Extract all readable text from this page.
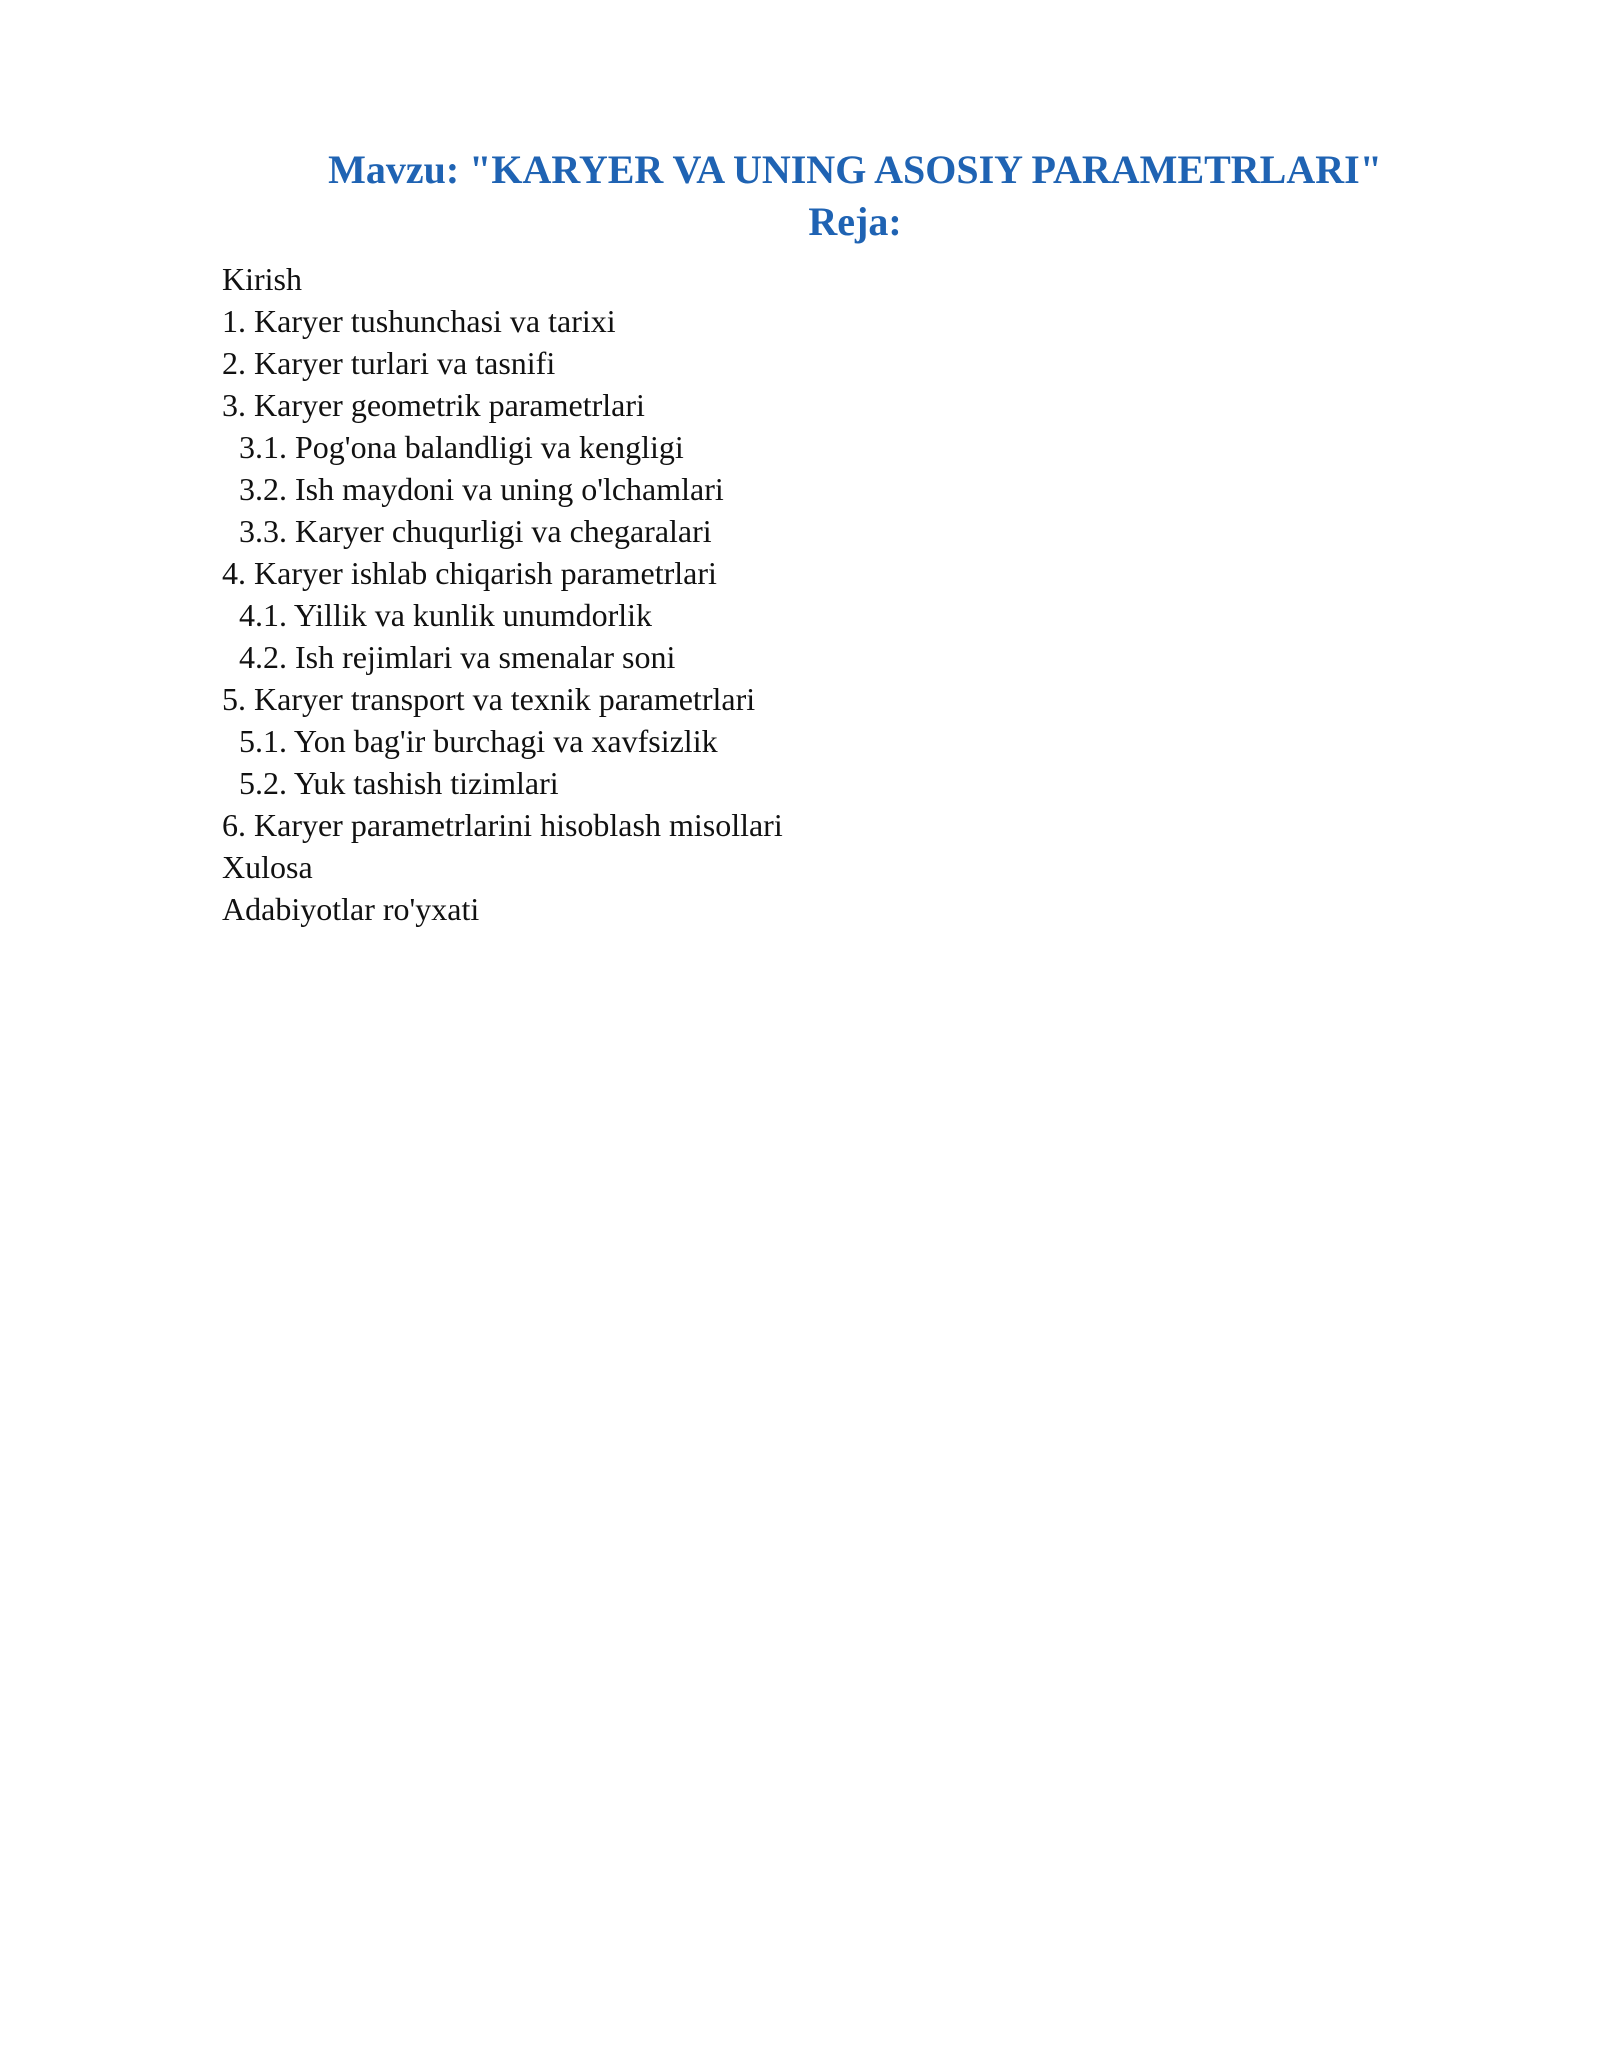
Mavzu: "KARYER VA UNING ASOSIY PARAMETRLARI"
Reja:
Kirish
1. Karyer tushunchasi va tarixi
2. Karyer turlari va tasnifi
3. Karyer geometrik parametrlari
3.1. Pog'ona balandligi va kengligi
3.2. Ish maydoni va uning o'lchamlari
3.3. Karyer chuqurligi va chegaralari
4. Karyer ishlab chiqarish parametrlari
4.1. Yillik va kunlik unumdorlik
4.2. Ish rejimlari va smenalar soni
5. Karyer transport va texnik parametrlari
5.1. Yon bag'ir burchagi va xavfsizlik
5.2. Yuk tashish tizimlari
6. Karyer parametrlarini hisoblash misollari
Xulosa
Adabiyotlar ro'yxati
